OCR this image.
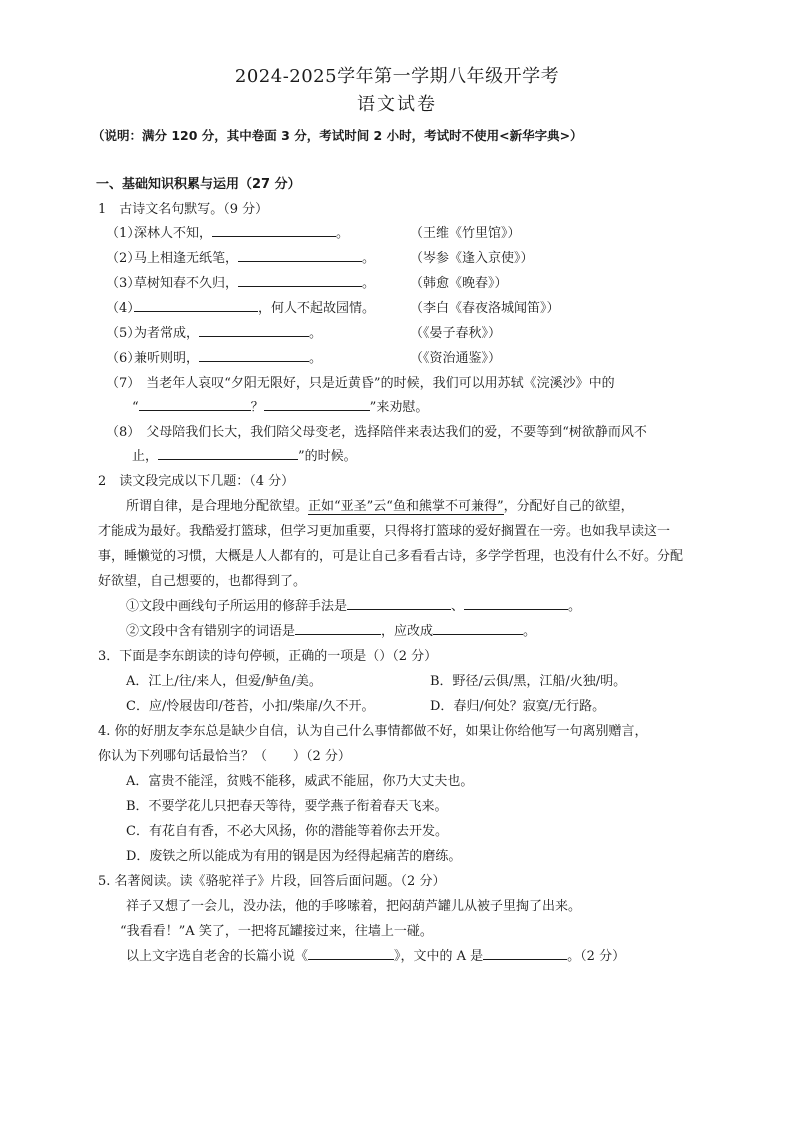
2024-2025学年第一学期八年级开学考
语文试卷
（说明：满分 120 分，其中卷面 3 分，考试时间 2 小时，考试时不使用<新华字典>）
一、基础知识积累与运用（27 分）
1　古诗文名句默写。（9 分）
（1）深林人不知，	。	（王维《竹里馆》）
（2）马上相逢无纸笔，	。	（岑参《逢入京使》）
（3）草树知春不久归，	。	（韩愈《晚春》）
（4）	，何人不起故园情。	（李白《春夜洛城闻笛》）
（5）为者常成，	。	（《晏子春秋》）
（6）兼听则明，	。	（《资治通鉴》）
（7） 当老年人哀叹“夕阳无限好，只是近黄昏”的时候，我们可以用苏轼《浣溪沙》中的
“	？	”来劝慰。
（8） 父母陪我们长大，我们陪父母变老，选择陪伴来表达我们的爱，不要等到“树欲静而风不
止，	”的时候。
2　读文段完成以下几题：（4 分）
所谓自律，是合理地分配欲望。正如“亚圣”云“鱼和熊掌不可兼得”，分配好自己的欲望，
才能成为最好。我酷爱打篮球，但学习更加重要，只得将打篮球的爱好搁置在一旁。也如我早读这一
事，睡懒觉的习惯，大概是人人都有的，可是让自己多看看古诗，多学学哲理，也没有什么不好。分配
好欲望，自己想要的，也都得到了。
①文段中画线句子所运用的修辞手法是	、	。
②文段中含有错别字的词语是	，应改成	。
3．下面是李东朗读的诗句停顿，正确的一项是（）（2 分）
A．江上/往/来人，但爱/鲈鱼/美。	B．野径/云俱/黑，江船/火独/明。
C．应/怜屐齿印/苍苔，小扣/柴扉/久不开。	D．春归/何处？寂寞/无行路。
4. 你的好朋友李东总是缺少自信，认为自己什么事情都做不好，如果让你给他写一句离别赠言，
你认为下列哪句话最恰当？（　　）（2 分）
A．富贵不能淫，贫贱不能移，威武不能屈，你乃大丈夫也。
B．不要学花儿只把春天等待，要学燕子衔着春天飞来。
C．有花自有香，不必大风扬，你的潜能等着你去开发。
D．废铁之所以能成为有用的钢是因为经得起痛苦的磨练。
5. 名著阅读。读《骆驼祥子》片段，回答后面问题。（2 分）
祥子又想了一会儿，没办法，他的手哆嗦着，把闷葫芦罐儿从被子里掏了出来。
“我看看！”A 笑了，一把将瓦罐接过来，往墙上一碰。
以上文字选自老舍的长篇小说《	》，文中的 A 是	。（2 分）
